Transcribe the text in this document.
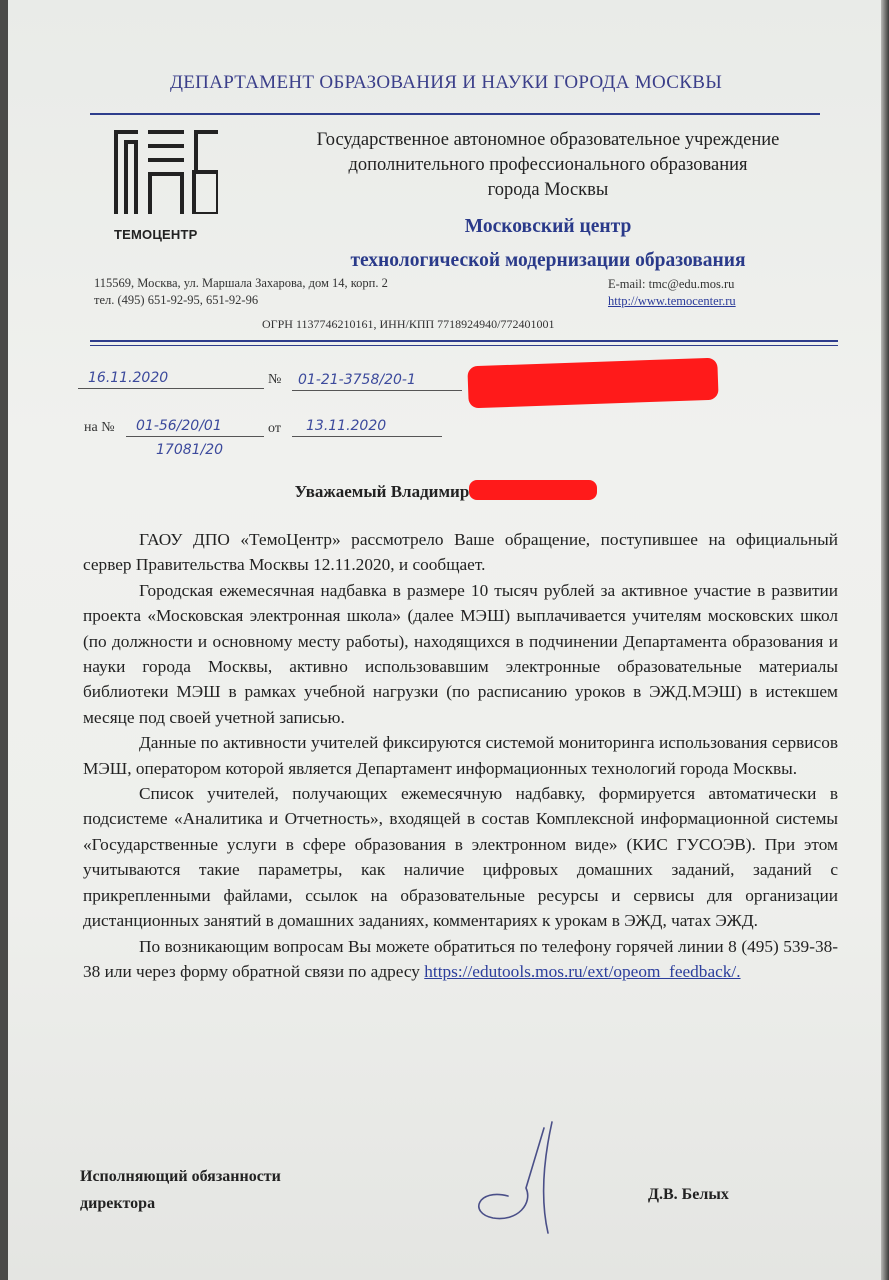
ДЕПАРТАМЕНТ ОБРАЗОВАНИЯ И НАУКИ ГОРОДА МОСКВЫ
ТЕМОЦЕНТР
Государственное автономное образовательное учреждение
дополнительного профессионального образования
города Москвы
Московский центр
технологической модернизации образования
115569, Москва, ул. Маршала Захарова, дом 14, корп. 2
тел. (495) 651-92-95, 651-92-96
E-mail: tmc@edu.mos.ru
http://www.temocenter.ru
ОГРН 1137746210161, ИНН/КПП 7718924940/772401001
16.11.2020	№ 01-21-3758/20-1
на № 01-56/20/01	от 13.11.2020
17081/20
Уважаемый Владимир

ГАОУ ДПО «ТемоЦентр» рассмотрело Ваше обращение, поступившее на официальный сервер Правительства Москвы 12.11.2020, и сообщает.

Городская ежемесячная надбавка в размере 10 тысяч рублей за активное участие в развитии проекта «Московская электронная школа» (далее МЭШ) выплачивается учителям московских школ (по должности и основному месту работы), находящихся в подчинении Департамента образования и науки города Москвы, активно использовавшим электронные образовательные материалы библиотеки МЭШ в рамках учебной нагрузки (по расписанию уроков в ЭЖД.МЭШ) в истекшем месяце под своей учетной записью.

Данные по активности учителей фиксируются системой мониторинга использования сервисов МЭШ, оператором которой является Департамент информационных технологий города Москвы.

Список учителей, получающих ежемесячную надбавку, формируется автоматически в подсистеме «Аналитика и Отчетность», входящей в состав Комплексной информационной системы «Государственные услуги в сфере образования в электронном виде» (КИС ГУСОЭВ). При этом учитываются такие параметры, как наличие цифровых домашних заданий, заданий с прикрепленными файлами, ссылок на образовательные ресурсы и сервисы для организации дистанционных занятий в домашних заданиях, комментариях к урокам в ЭЖД, чатах ЭЖД.

По возникающим вопросам Вы можете обратиться по телефону горячей линии 8 (495) 539-38-38 или через форму обратной связи по адресу https://edutools.mos.ru/ext/opeom_feedback/.

Исполняющий обязанности
директора
Д.В. Белых
